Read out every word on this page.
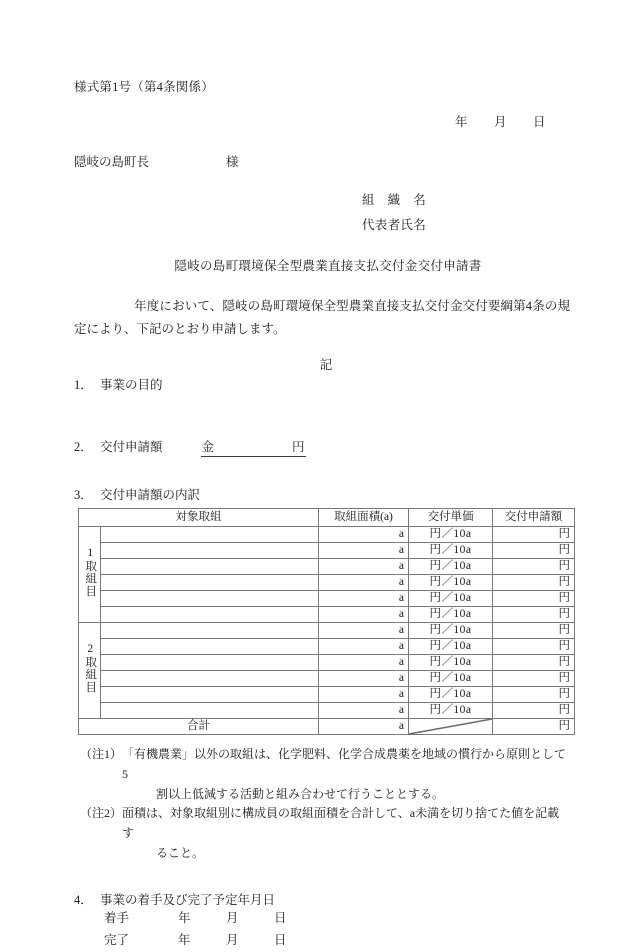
様式第1号（第4条関係）
年　　月　　日
隠岐の島町長	様
組　織　名
代表者氏名
隠岐の島町環境保全型農業直接支払交付金交付申請書
年度において、隠岐の島町環境保全型農業直接支払交付金交付要綱第4条の規定により、下記のとおり申請します。
記
1． 事業の目的
2． 交付申請額	金	円
3． 交付申請額の内訳
対象取組		取組面積(a)	交付単価	交付申請額
1取組目		a	円／10a	円
		a	円／10a	円
		a	円／10a	円
		a	円／10a	円
		a	円／10a	円
		a	円／10a	円
2取組目		a	円／10a	円
		a	円／10a	円
		a	円／10a	円
		a	円／10a	円
		a	円／10a	円
		a	円／10a	円
合計		a		円
（注1） 「有機農業」以外の取組は、化学肥料、化学合成農薬を地域の慣行から原則として5
割以上低減する活動と組み合わせて行うこととする。
（注2） 面積は、対象取組別に構成員の取組面積を合計して、a未満を切り捨てた値を記載す
ること。
4． 事業の着手及び完了予定年月日
着手	年	月	日
完了	年	月	日
